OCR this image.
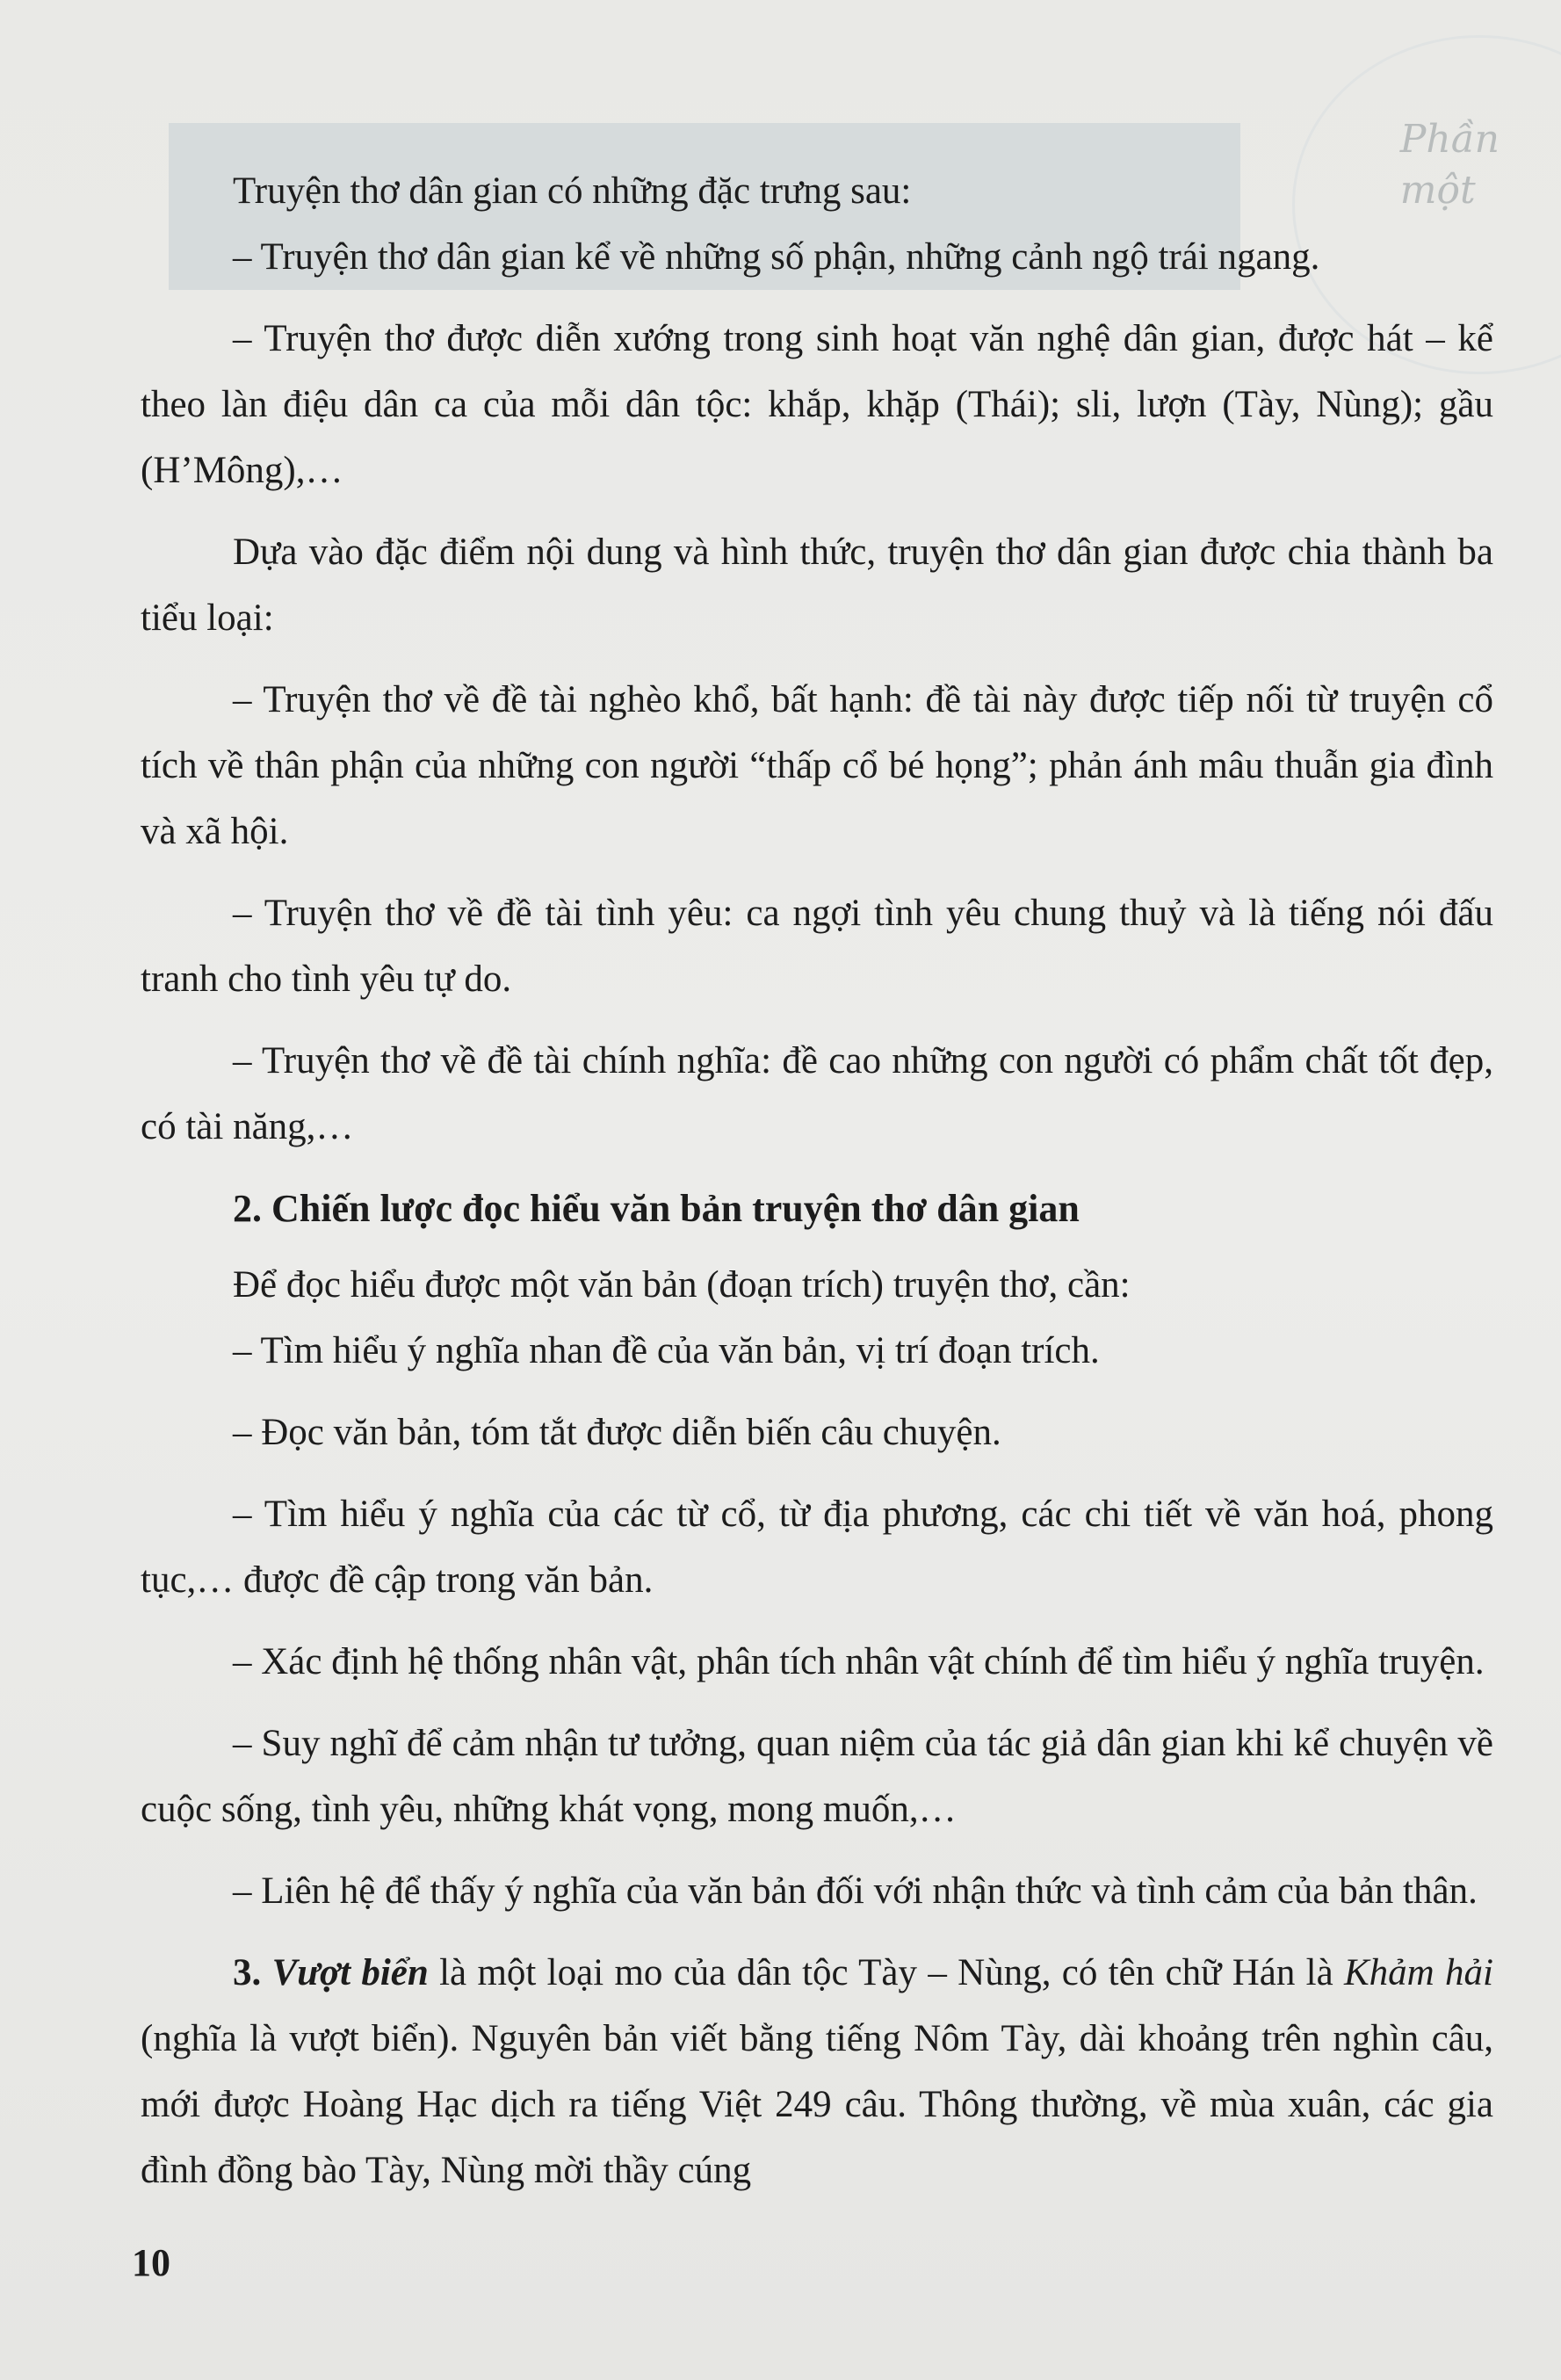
Phần
một

Truyện thơ dân gian có những đặc trưng sau:

– Truyện thơ dân gian kể về những số phận, những cảnh ngộ trái ngang.

– Truyện thơ được diễn xướng trong sinh hoạt văn nghệ dân gian, được hát – kể theo làn điệu dân ca của mỗi dân tộc: khắp, khặp (Thái); sli, lượn (Tày, Nùng); gầu (H’Mông),…

Dựa vào đặc điểm nội dung và hình thức, truyện thơ dân gian được chia thành ba tiểu loại:

– Truyện thơ về đề tài nghèo khổ, bất hạnh: đề tài này được tiếp nối từ truyện cổ tích về thân phận của những con người “thấp cổ bé họng”; phản ánh mâu thuẫn gia đình và xã hội.

– Truyện thơ về đề tài tình yêu: ca ngợi tình yêu chung thuỷ và là tiếng nói đấu tranh cho tình yêu tự do.

– Truyện thơ về đề tài chính nghĩa: đề cao những con người có phẩm chất tốt đẹp, có tài năng,…

2. Chiến lược đọc hiểu văn bản truyện thơ dân gian

Để đọc hiểu được một văn bản (đoạn trích) truyện thơ, cần:

– Tìm hiểu ý nghĩa nhan đề của văn bản, vị trí đoạn trích.

– Đọc văn bản, tóm tắt được diễn biến câu chuyện.

– Tìm hiểu ý nghĩa của các từ cổ, từ địa phương, các chi tiết về văn hoá, phong tục,… được đề cập trong văn bản.

– Xác định hệ thống nhân vật, phân tích nhân vật chính để tìm hiểu ý nghĩa truyện.

– Suy nghĩ để cảm nhận tư tưởng, quan niệm của tác giả dân gian khi kể chuyện về cuộc sống, tình yêu, những khát vọng, mong muốn,…

– Liên hệ để thấy ý nghĩa của văn bản đối với nhận thức và tình cảm của bản thân.

3. Vượt biển là một loại mo của dân tộc Tày – Nùng, có tên chữ Hán là Khảm hải (nghĩa là vượt biển). Nguyên bản viết bằng tiếng Nôm Tày, dài khoảng trên nghìn câu, mới được Hoàng Hạc dịch ra tiếng Việt 249 câu. Thông thường, về mùa xuân, các gia đình đồng bào Tày, Nùng mời thầy cúng

10
